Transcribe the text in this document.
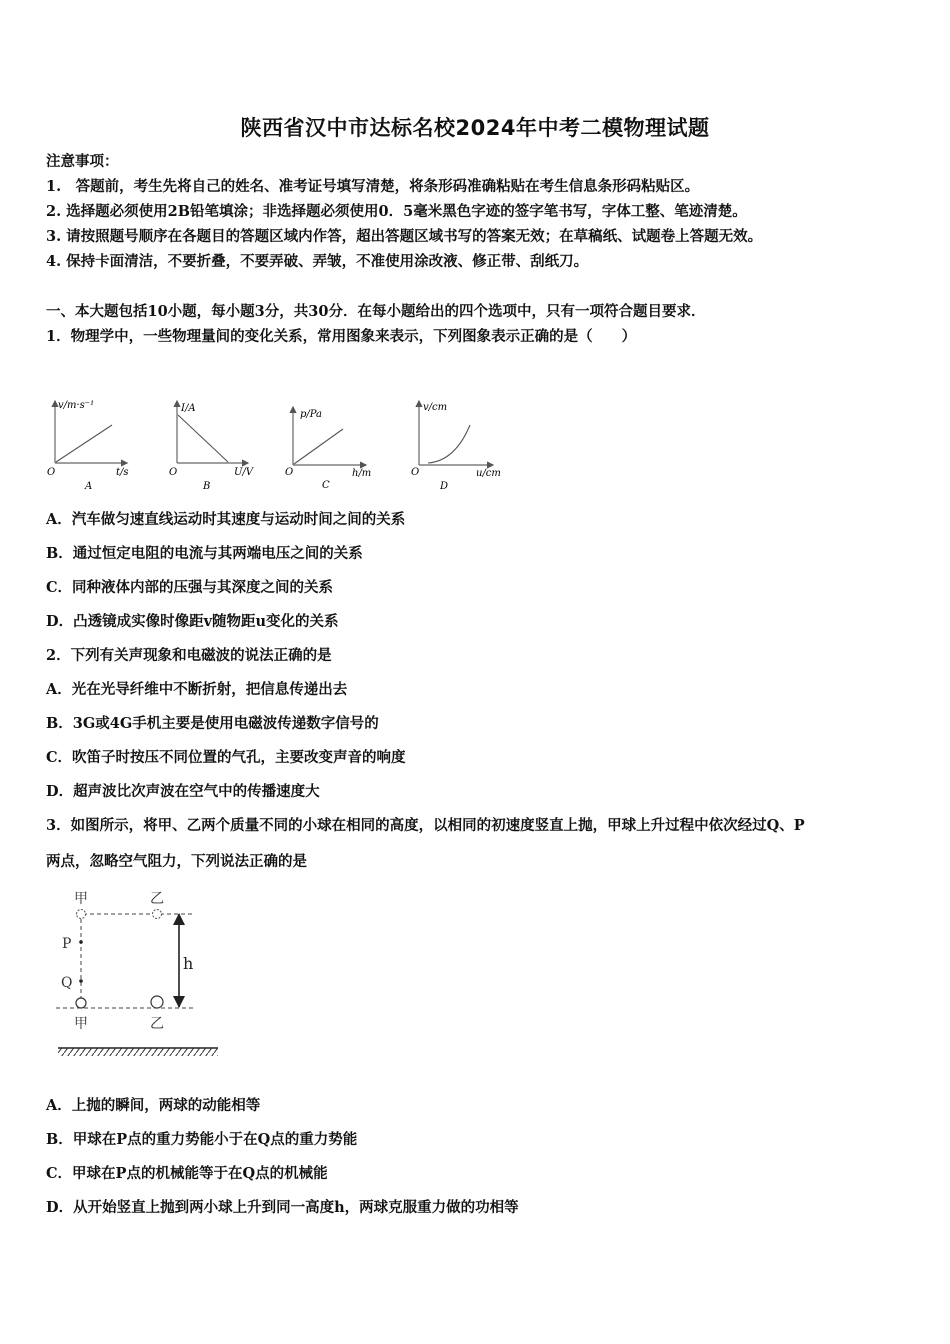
陕西省汉中市达标名校2024年中考二模物理试题
注意事项：
1.　答题前，考生先将自己的姓名、准考证号填写清楚，将条形码准确粘贴在考生信息条形码粘贴区。
2. 选择题必须使用2B铅笔填涂；非选择题必须使用0．5毫米黑色字迹的签字笔书写，字体工整、笔迹清楚。
3. 请按照题号顺序在各题目的答题区域内作答，超出答题区域书写的答案无效；在草稿纸、试题卷上答题无效。
4. 保持卡面清洁，不要折叠，不要弄破、弄皱，不准使用涂改液、修正带、刮纸刀。
一、本大题包括10小题，每小题3分，共30分．在每小题给出的四个选项中，只有一项符合题目要求．
1．物理学中，一些物理量间的变化关系，常用图象来表示，下列图象表示正确的是（　　）
v/m·s⁻¹
t/s
O
A
I/A
U/V
O
B
p/Pa
h/m
O
C
v/cm
u/cm
O
D
A．汽车做匀速直线运动时其速度与运动时间之间的关系
B．通过恒定电阻的电流与其两端电压之间的关系
C．同种液体内部的压强与其深度之间的关系
D．凸透镜成实像时像距v随物距u变化的关系
2．下列有关声现象和电磁波的说法正确的是
A．光在光导纤维中不断折射，把信息传递出去
B．3G或4G手机主要是使用电磁波传递数字信号的
C．吹笛子时按压不同位置的气孔，主要改变声音的响度
D．超声波比次声波在空气中的传播速度大
3．如图所示，将甲、乙两个质量不同的小球在相同的高度，以相同的初速度竖直上抛，甲球上升过程中依次经过Q、P
两点，忽略空气阻力，下列说法正确的是
甲	乙
P
Q
h
甲	乙
A．上抛的瞬间，两球的动能相等
B．甲球在P点的重力势能小于在Q点的重力势能
C．甲球在P点的机械能等于在Q点的机械能
D．从开始竖直上抛到两小球上升到同一高度h，两球克服重力做的功相等
